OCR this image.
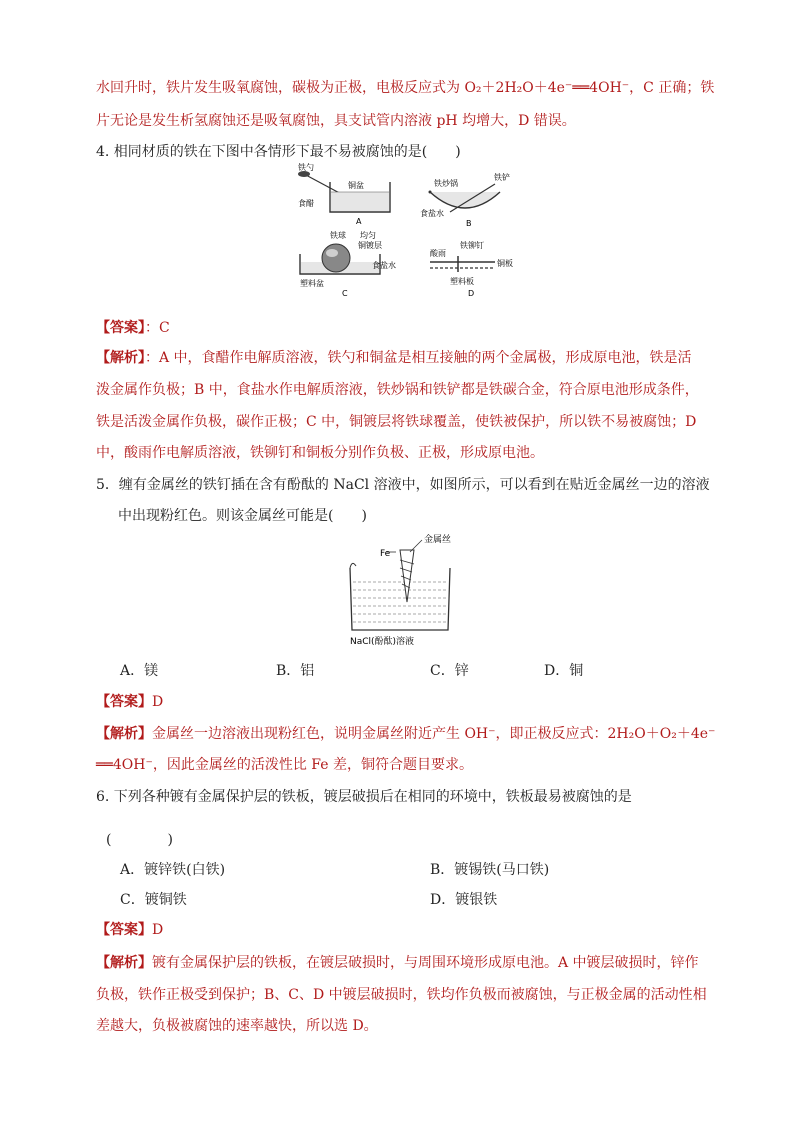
水回升时，铁片发生吸氧腐蚀，碳极为正极，电极反应式为 O₂＋2H₂O＋4e⁻══4OH⁻，C 正确；铁
片无论是发生析氢腐蚀还是吸氧腐蚀，具支试管内溶液 pH 均增大，D 错误。
4. 相同材质的铁在下图中各情形下最不易被腐蚀的是(　　)
铁勺
铜盆
食醋
A
铁炒锅
铁铲
食盐水
B
铁球 均匀
铜镀层
食盐水
塑料盆
C
酸雨
铁铆钉
铜板
塑料板
D
【答案】：C
【解析】：A 中，食醋作电解质溶液，铁勺和铜盆是相互接触的两个金属极，形成原电池，铁是活
泼金属作负极；B 中，食盐水作电解质溶液，铁炒锅和铁铲都是铁碳合金，符合原电池形成条件，
铁是活泼金属作负极，碳作正极；C 中，铜镀层将铁球覆盖，使铁被保护，所以铁不易被腐蚀；D
中，酸雨作电解质溶液，铁铆钉和铜板分别作负极、正极，形成原电池。
5．缠有金属丝的铁钉插在含有酚酞的 NaCl 溶液中，如图所示，可以看到在贴近金属丝一边的溶液
中出现粉红色。则该金属丝可能是(　　)
Fe
金属丝
NaCl(酚酞)溶液
A．镁	B．铝	C．锌	D．铜
【答案】D
【解析】金属丝一边溶液出现粉红色，说明金属丝附近产生 OH⁻，即正极反应式：2H₂O＋O₂＋4e⁻
══4OH⁻，因此金属丝的活泼性比 Fe 差，铜符合题目要求。
6. 下列各种镀有金属保护层的铁板，镀层破损后在相同的环境中，铁板最易被腐蚀的是
(　　　　)
A．镀锌铁(白铁)	B．镀锡铁(马口铁)
C．镀铜铁	D．镀银铁
【答案】D
【解析】镀有金属保护层的铁板，在镀层破损时，与周围环境形成原电池。A 中镀层破损时，锌作
负极，铁作正极受到保护；B、C、D 中镀层破损时，铁均作负极而被腐蚀，与正极金属的活动性相
差越大，负极被腐蚀的速率越快，所以选 D。
